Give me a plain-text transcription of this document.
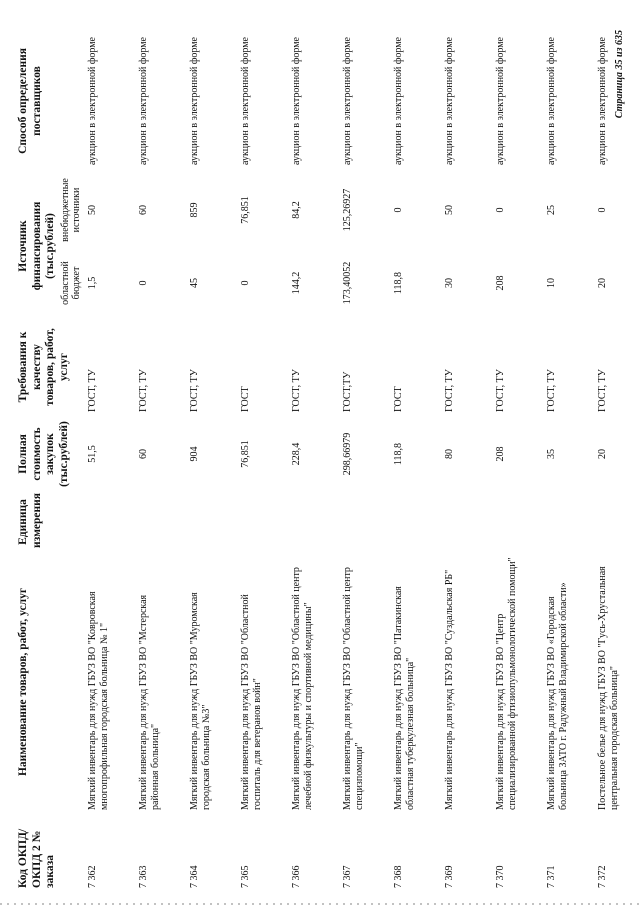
Код ОКПД/ ОКПД 2 № заказа	Наименование товаров, работ, услуг	Единица измерения	Полная стоимость закупок (тыс.рублей)	Требования к качеству товаров, работ, услуг	Источник финансирования (тыс.рублей)		Способ определения поставщиков
					областной бюджет	внебюджетные источники	
7 362	Мягкий инвентарь для нужд ГБУЗ ВО "Ковровская многопрофильная городская больница № 1"		51,5	ГОСТ, ТУ	1,5	50	аукцион в электронной форме
7 363	Мягкий инвентарь для нужд ГБУЗ ВО "Мстерская районная больница"		60	ГОСТ, ТУ	0	60	аукцион в электронной форме
7 364	Мягкий инвентарь для нужд ГБУЗ ВО "Муромская городская больница №3"		904	ГОСТ, ТУ	45	859	аукцион в электронной форме
7 365	Мягкий инвентарь для нужд ГБУЗ ВО "Областной госпиталь для ветеранов войн"		76,851	ГОСТ	0	76,851	аукцион в электронной форме
7 366	Мягкий инвентарь для нужд ГБУЗ ВО "Областной центр лечебной физкультуры и спортивной медицины"		228,4	ГОСТ, ТУ	144,2	84,2	аукцион в электронной форме
7 367	Мягкий инвентарь для нужд ГБУЗ ВО "Областной центр специзпомощи"		298,66979	ГОСТ,ТУ	173,40052	125,26927	аукцион в электронной форме
7 368	Мягкий инвентарь для нужд ГБУЗ ВО "Патакинская областная туберкулезная больница"		118,8	ГОСТ	118,8	0	аукцион в электронной форме
7 369	Мягкий инвентарь для нужд ГБУЗ ВО "Суздальская РБ"		80	ГОСТ, ТУ	30	50	аукцион в электронной форме
7 370	Мягкий инвентарь для нужд ГБУЗ ВО "Центр специализированной фтизиопульмонологической помощи"		208	ГОСТ, ТУ	208	0	аукцион в электронной форме
7 371	Мягкий инвентарь для нужд ГБУЗ ВО «Городская больница ЗАТО г. Радужный Владимирской области»		35	ГОСТ, ТУ	10	25	аукцион в электронной форме
7 372	Постельное белье для нужд ГБУЗ ВО "Гусь-Хрустальная центральная городская больница"		20	ГОСТ, ТУ	20	0	аукцион в электронной форме Страница 35 из 635
